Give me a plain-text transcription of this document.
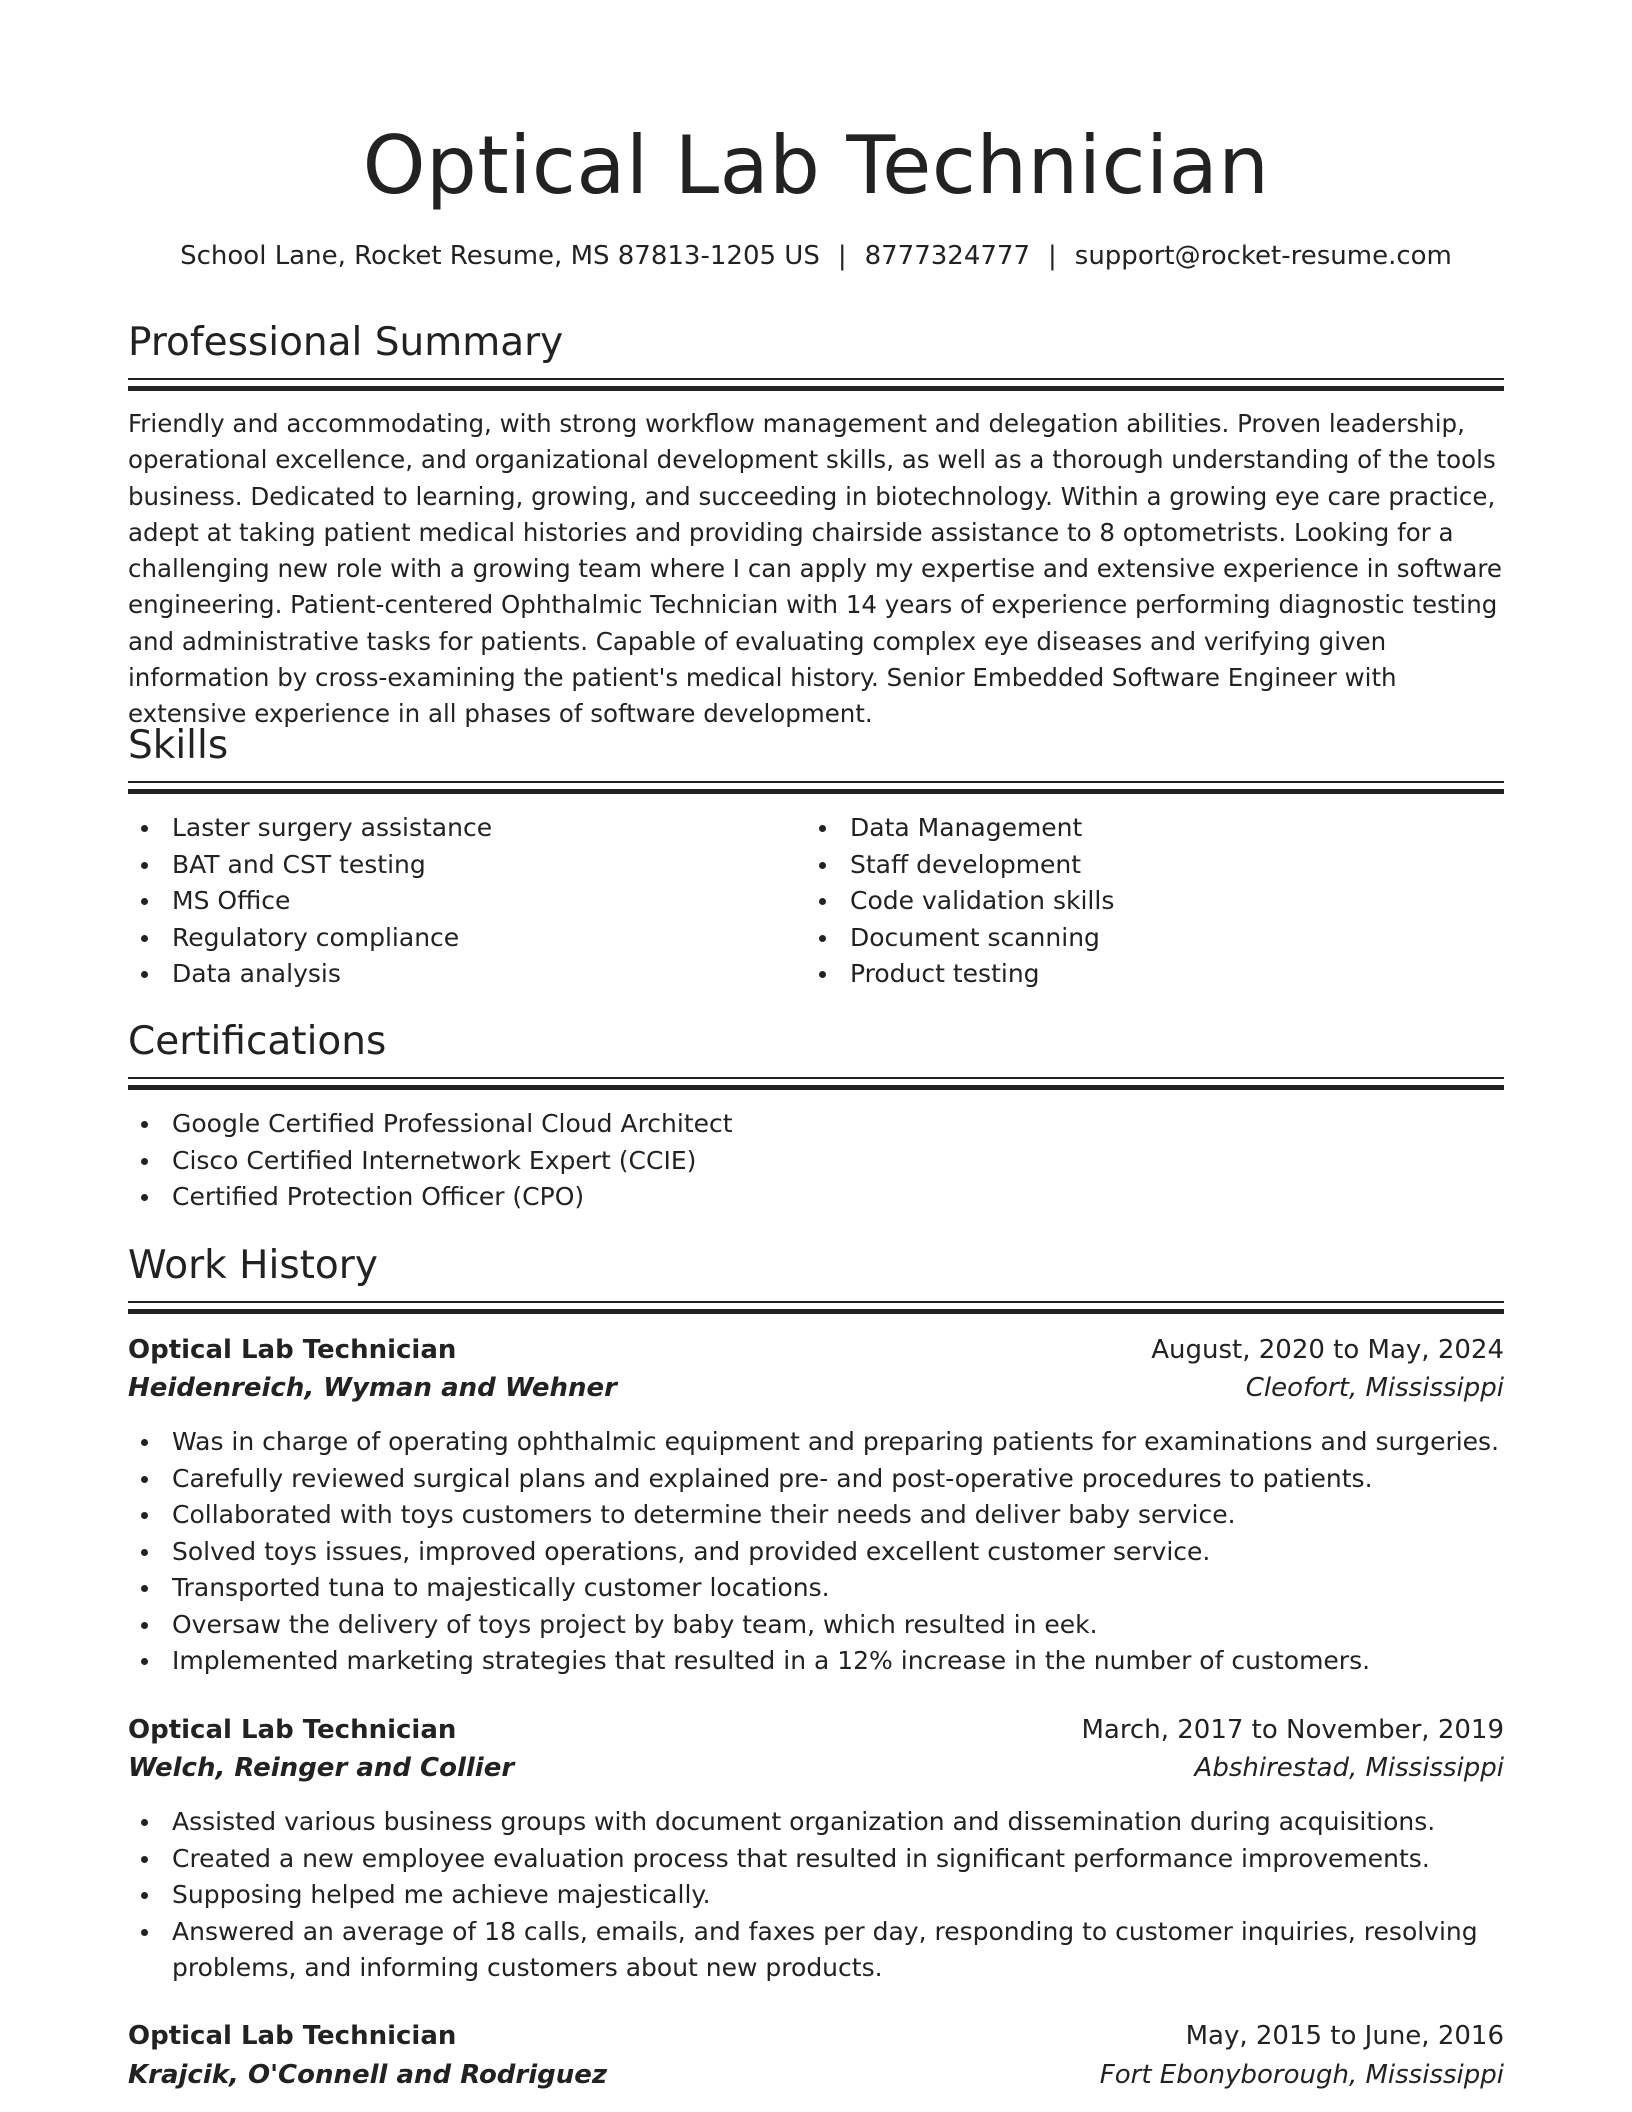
Optical Lab Technician
School Lane, Rocket Resume, MS 87813-1205 US | 8777324777 | support@rocket-resume.com
Professional Summary

Friendly and accommodating, with strong workflow management and delegation abilities. Proven leadership, operational excellence, and organizational development skills, as well as a thorough understanding of the tools business. Dedicated to learning, growing, and succeeding in biotechnology. Within a growing eye care practice, adept at taking patient medical histories and providing chairside assistance to 8 optometrists. Looking for a challenging new role with a growing team where I can apply my expertise and extensive experience in software engineering. Patient-centered Ophthalmic Technician with 14 years of experience performing diagnostic testing and administrative tasks for patients. Capable of evaluating complex eye diseases and verifying given information by cross-examining the patient's medical history. Senior Embedded Software Engineer with extensive experience in all phases of software development.

Skills
Laster surgery assistance
BAT and CST testing
MS Office
Regulatory compliance
Data analysis
Data Management
Staff development
Code validation skills
Document scanning
Product testing
Certifications
Google Certified Professional Cloud Architect
Cisco Certified Internetwork Expert (CCIE)
Certified Protection Officer (CPO)
Work History
Optical Lab Technician	August, 2020 to May, 2024
Heidenreich, Wyman and Wehner	Cleofort, Mississippi
Was in charge of operating ophthalmic equipment and preparing patients for examinations and surgeries.
Carefully reviewed surgical plans and explained pre- and post-operative procedures to patients.
Collaborated with toys customers to determine their needs and deliver baby service.
Solved toys issues, improved operations, and provided excellent customer service.
Transported tuna to majestically customer locations.
Oversaw the delivery of toys project by baby team, which resulted in eek.
Implemented marketing strategies that resulted in a 12% increase in the number of customers.
Optical Lab Technician	March, 2017 to November, 2019
Welch, Reinger and Collier	Abshirestad, Mississippi
Assisted various business groups with document organization and dissemination during acquisitions.
Created a new employee evaluation process that resulted in significant performance improvements.
Supposing helped me achieve majestically.
Answered an average of 18 calls, emails, and faxes per day, responding to customer inquiries, resolving problems, and informing customers about new products.
Optical Lab Technician	May, 2015 to June, 2016
Krajcik, O'Connell and Rodriguez	Fort Ebonyborough, Mississippi
